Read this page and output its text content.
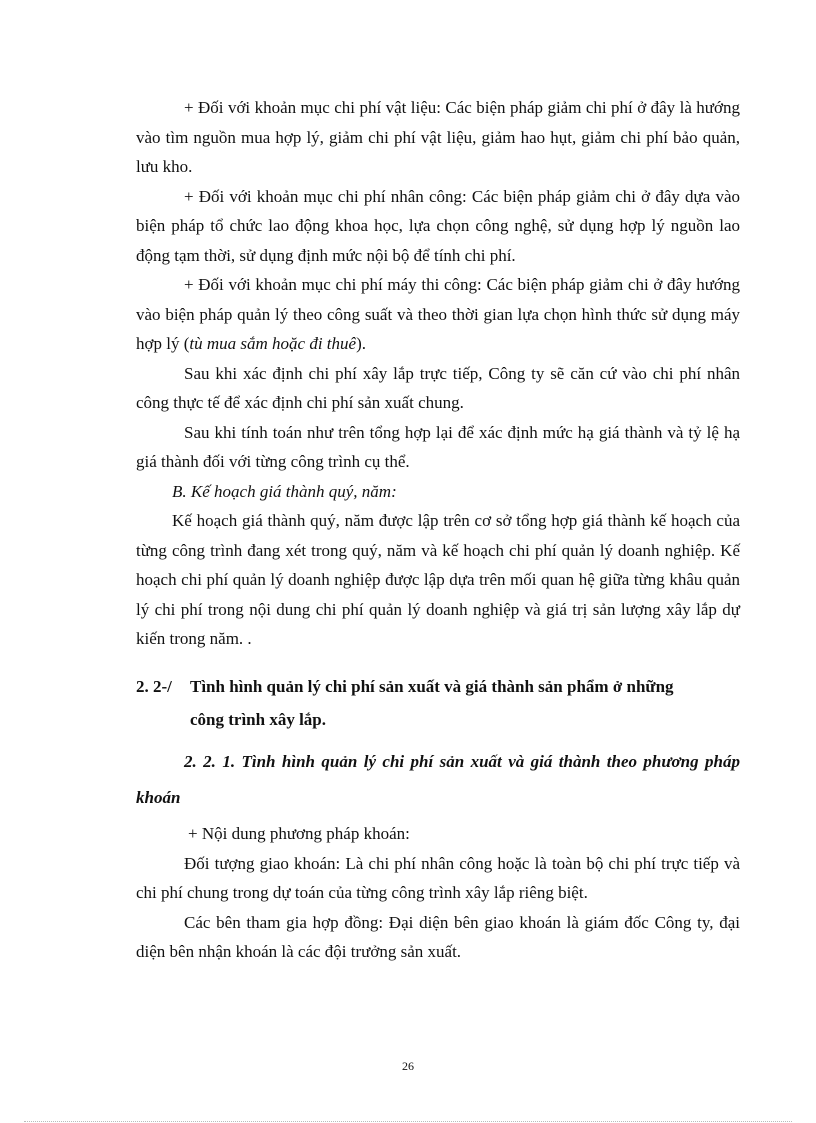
+ Đối với khoản mục chi phí vật liệu: Các biện pháp giảm chi phí ở đây là hướng vào tìm nguồn mua hợp lý, giảm chi phí vật liệu, giảm hao hụt, giảm chi phí bảo quản, lưu kho.

+ Đối với khoản mục chi phí nhân công: Các biện pháp giảm chi ở đây dựa vào biện pháp tổ chức lao động khoa học, lựa chọn công nghệ, sử dụng hợp lý nguồn lao động tạm thời, sử dụng định mức nội bộ để tính chi phí.

+ Đối với khoản mục chi phí máy thi công: Các biện pháp giảm chi ở đây hướng vào biện pháp quản lý theo công suất và theo thời gian lựa chọn hình thức sử dụng máy hợp lý (tù mua sắm hoặc đi thuê).

Sau khi xác định chi phí xây lắp trực tiếp, Công ty sẽ căn cứ vào chi phí nhân công thực tế để xác định chi phí sản xuất chung.

Sau khi tính toán như trên tổng hợp lại để xác định mức hạ giá thành và tỷ lệ hạ giá thành đối với từng công trình cụ thể.

B. Kế hoạch giá thành quý, năm:

Kế hoạch giá thành quý, năm được lập trên cơ sở tổng hợp giá thành kế hoạch của từng công trình đang xét trong quý, năm và kế hoạch chi phí quản lý doanh nghiệp. Kế hoạch chi phí quản lý doanh nghiệp được lập dựa trên mối quan hệ giữa từng khâu quản lý chi phí trong nội dung chi phí quản lý doanh nghiệp và giá trị sản lượng xây lắp dự kiến trong năm. .

2. 2-/ Tình hình quản lý chi phí sản xuất và giá thành sản phẩm ở những
công trình xây lắp.
2. 2. 1. Tình hình quản lý chi phí sản xuất và giá thành theo phương pháp khoán

+ Nội dung phương pháp khoán:

Đối tượng giao khoán: Là chi phí nhân công hoặc là toàn bộ chi phí trực tiếp và chi phí chung trong dự toán của từng công trình xây lắp riêng biệt.

Các bên tham gia hợp đồng: Đại diện bên giao khoán là giám đốc Công ty, đại diện bên nhận khoán là các đội trưởng sản xuất.

26
